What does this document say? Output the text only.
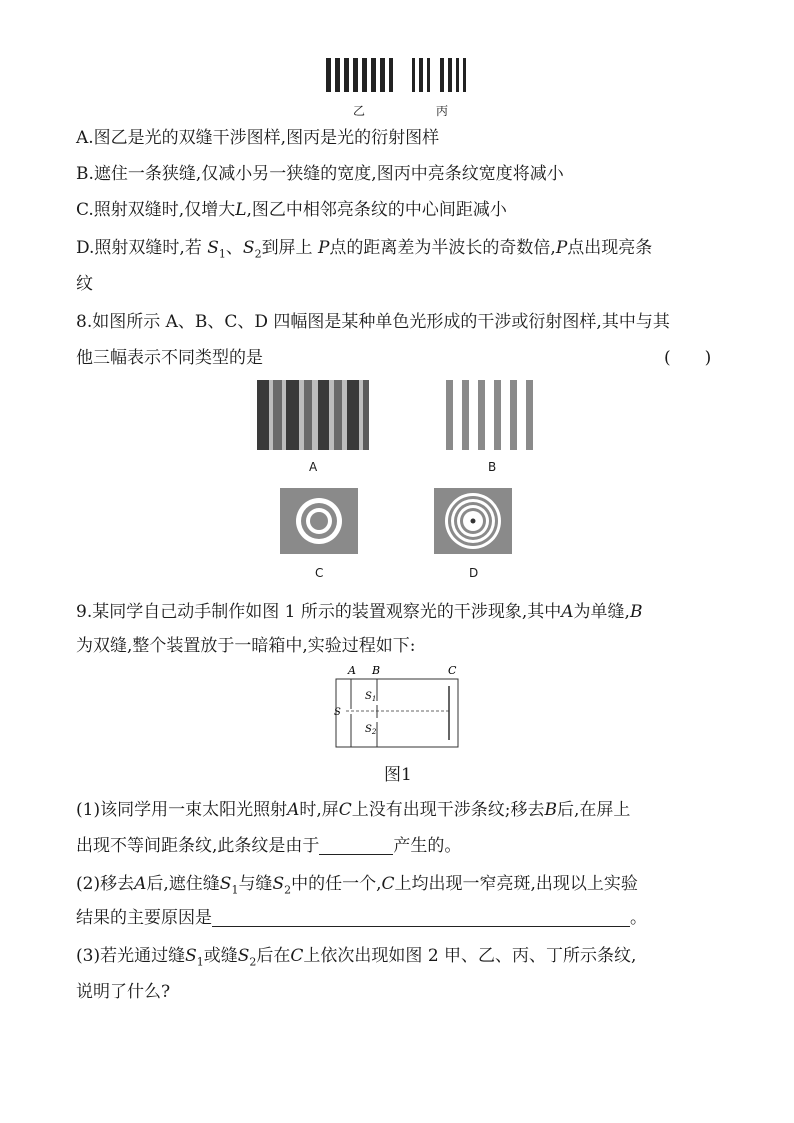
乙	丙
A.图乙是光的双缝干涉图样,图丙是光的衍射图样
B.遮住一条狭缝,仅减小另一狭缝的宽度,图丙中亮条纹宽度将减小
C.照射双缝时,仅增大L,图乙中相邻亮条纹的中心间距减小
D.照射双缝时,若 $S_1$、$S_2$到屏上 P点的距离差为半波长的奇数倍,P点出现亮条
纹
8.如图所示 A、B、C、D 四幅图是某种单色光形成的干涉或衍射图样,其中与其
他三幅表示不同类型的是	(　　)
A	B
C	D
9.某同学自己动手制作如图 1 所示的装置观察光的干涉现象,其中A为单缝,B
为双缝,整个装置放于一暗箱中,实验过程如下:
A B	C
S
$S_1$
$S_2$
图1
(1)该同学用一束太阳光照射A时,屏C上没有出现干涉条纹;移去B后,在屏上
出现不等间距条纹,此条纹是由于	产生的。
(2)移去A后,遮住缝$S_1$与缝$S_2$中的任一个,C上均出现一窄亮斑,出现以上实验
结果的主要原因是	。
(3)若光通过缝$S_1$或缝$S_2$后在C上依次出现如图 2 甲、乙、丙、丁所示条纹,
说明了什么?
